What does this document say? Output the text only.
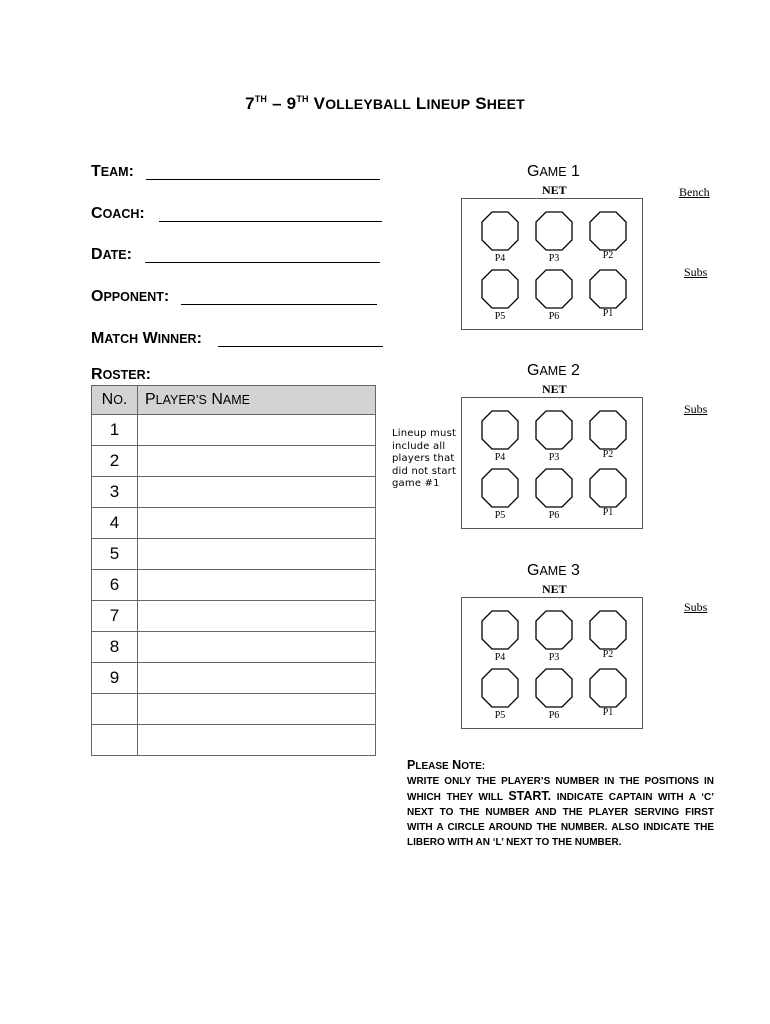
7TH – 9TH VOLLEYBALL LINEUP SHEET
TEAM:
COACH:
DATE:
OPPONENT:
MATCH WINNER:
ROSTER:
NO.	PLAYER’S NAME
1	
2	
3	
4	
5	
6	
7	
8	
9	

Bench
Subs
Subs
Subs
Lineup must include all players that did not start game #1
GAME 1
NET
P4	P3	P2
P5	P6	P1
GAME 2
NET
P4	P3	P2
P5	P6	P1
GAME 3
NET
P4	P3	P2
P5	P6	P1
PLEASE NOTE:
WRITE ONLY THE PLAYER’S NUMBER IN THE POSITIONS IN WHICH THEY WILL START. INDICATE CAPTAIN WITH A ‘C’ NEXT TO THE NUMBER AND THE PLAYER SERVING FIRST WITH A CIRCLE AROUND THE NUMBER. ALSO INDICATE THE LIBERO WITH AN ‘L’ NEXT TO THE NUMBER.
